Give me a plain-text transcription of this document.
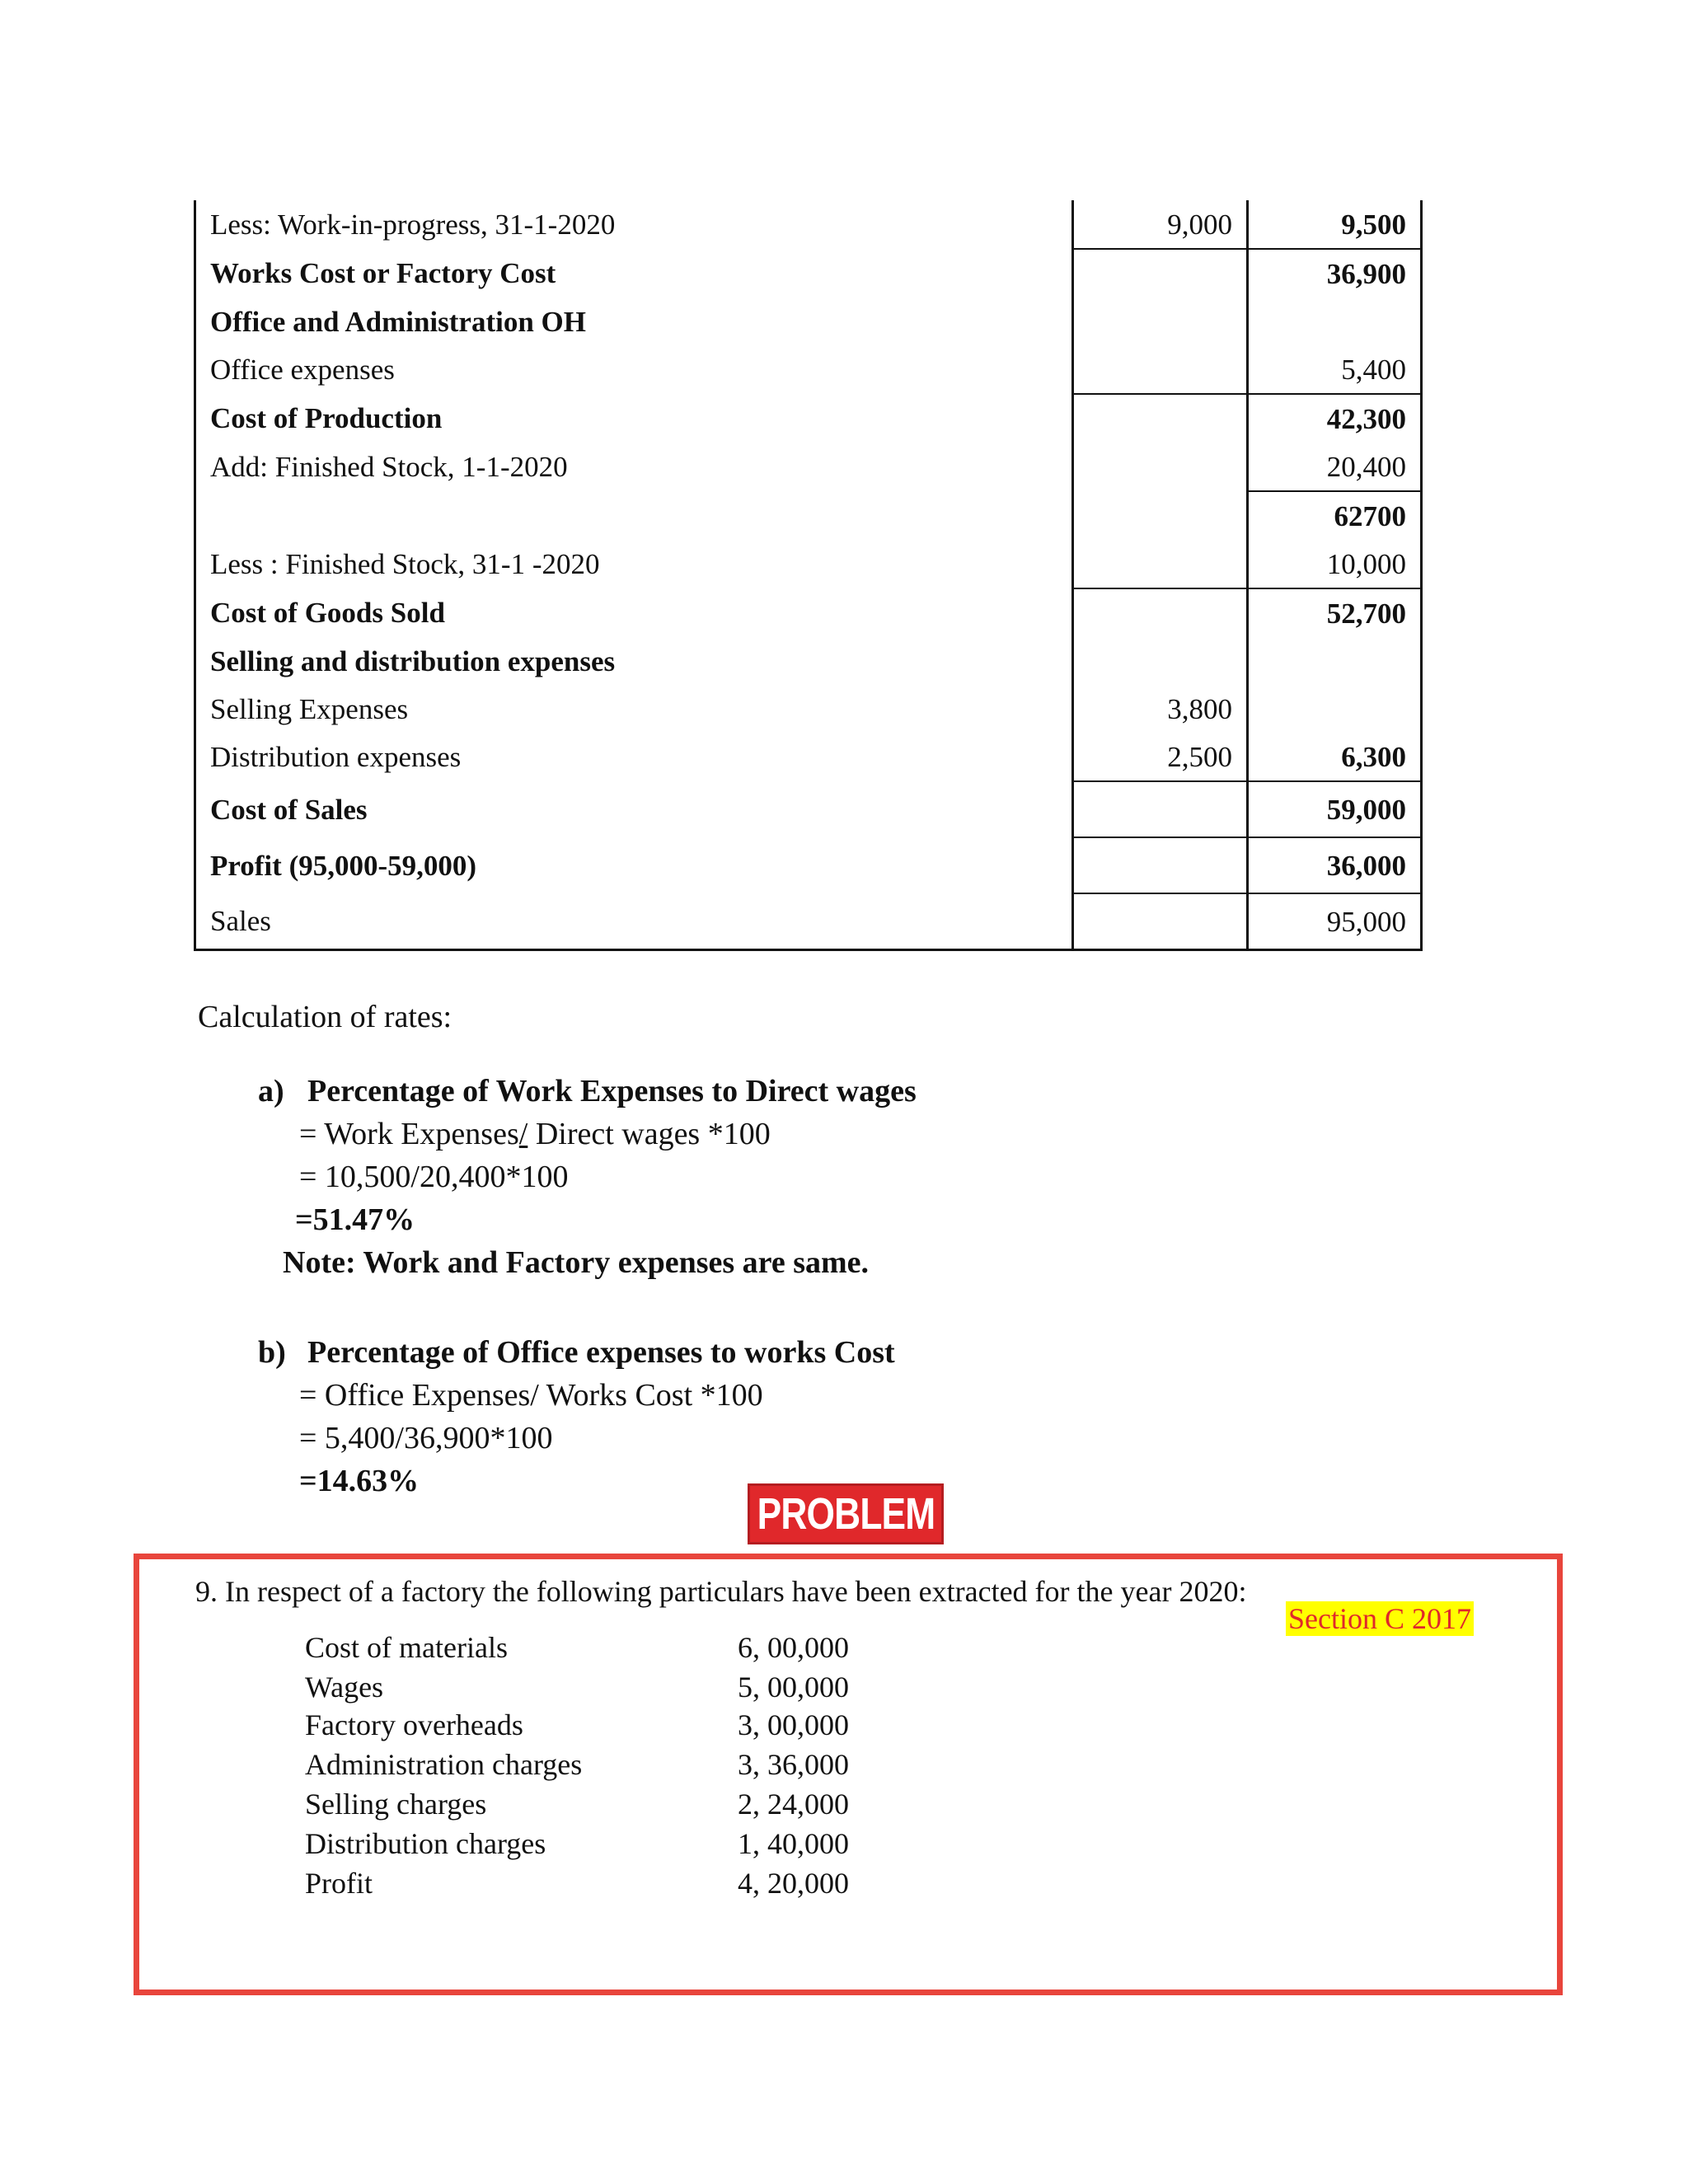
Less: Work-in-progress, 31-1-2020	9,000	9,500
Works Cost or Factory Cost		36,900
Office and Administration OH		
Office expenses		5,400
Cost of Production		42,300
Add: Finished Stock, 1-1-2020		20,400
		62700
Less : Finished Stock, 31-1 -2020		10,000
Cost of Goods Sold		52,700
Selling and distribution expenses		
Selling Expenses	3,800	
Distribution expenses	2,500	6,300
Cost of Sales		59,000
Profit (95,000-59,000)		36,000
Sales		95,000
Calculation of rates:
a) Percentage of Work Expenses to Direct wages
= Work Expenses/ Direct wages *100
= 10,500/20,400*100
=51.47%
Note: Work and Factory expenses are same.
b) Percentage of Office expenses to works Cost
= Office Expenses/ Works Cost *100
= 5,400/36,900*100
=14.63%
PROBLEM
9. In respect of a factory the following particulars have been extracted for the year 2020:
Section C 2017
Cost of materials	6, 00,000
Wages	5, 00,000
Factory overheads	3, 00,000
Administration charges	3, 36,000
Selling charges	2, 24,000
Distribution charges	1, 40,000
Profit	4, 20,000
